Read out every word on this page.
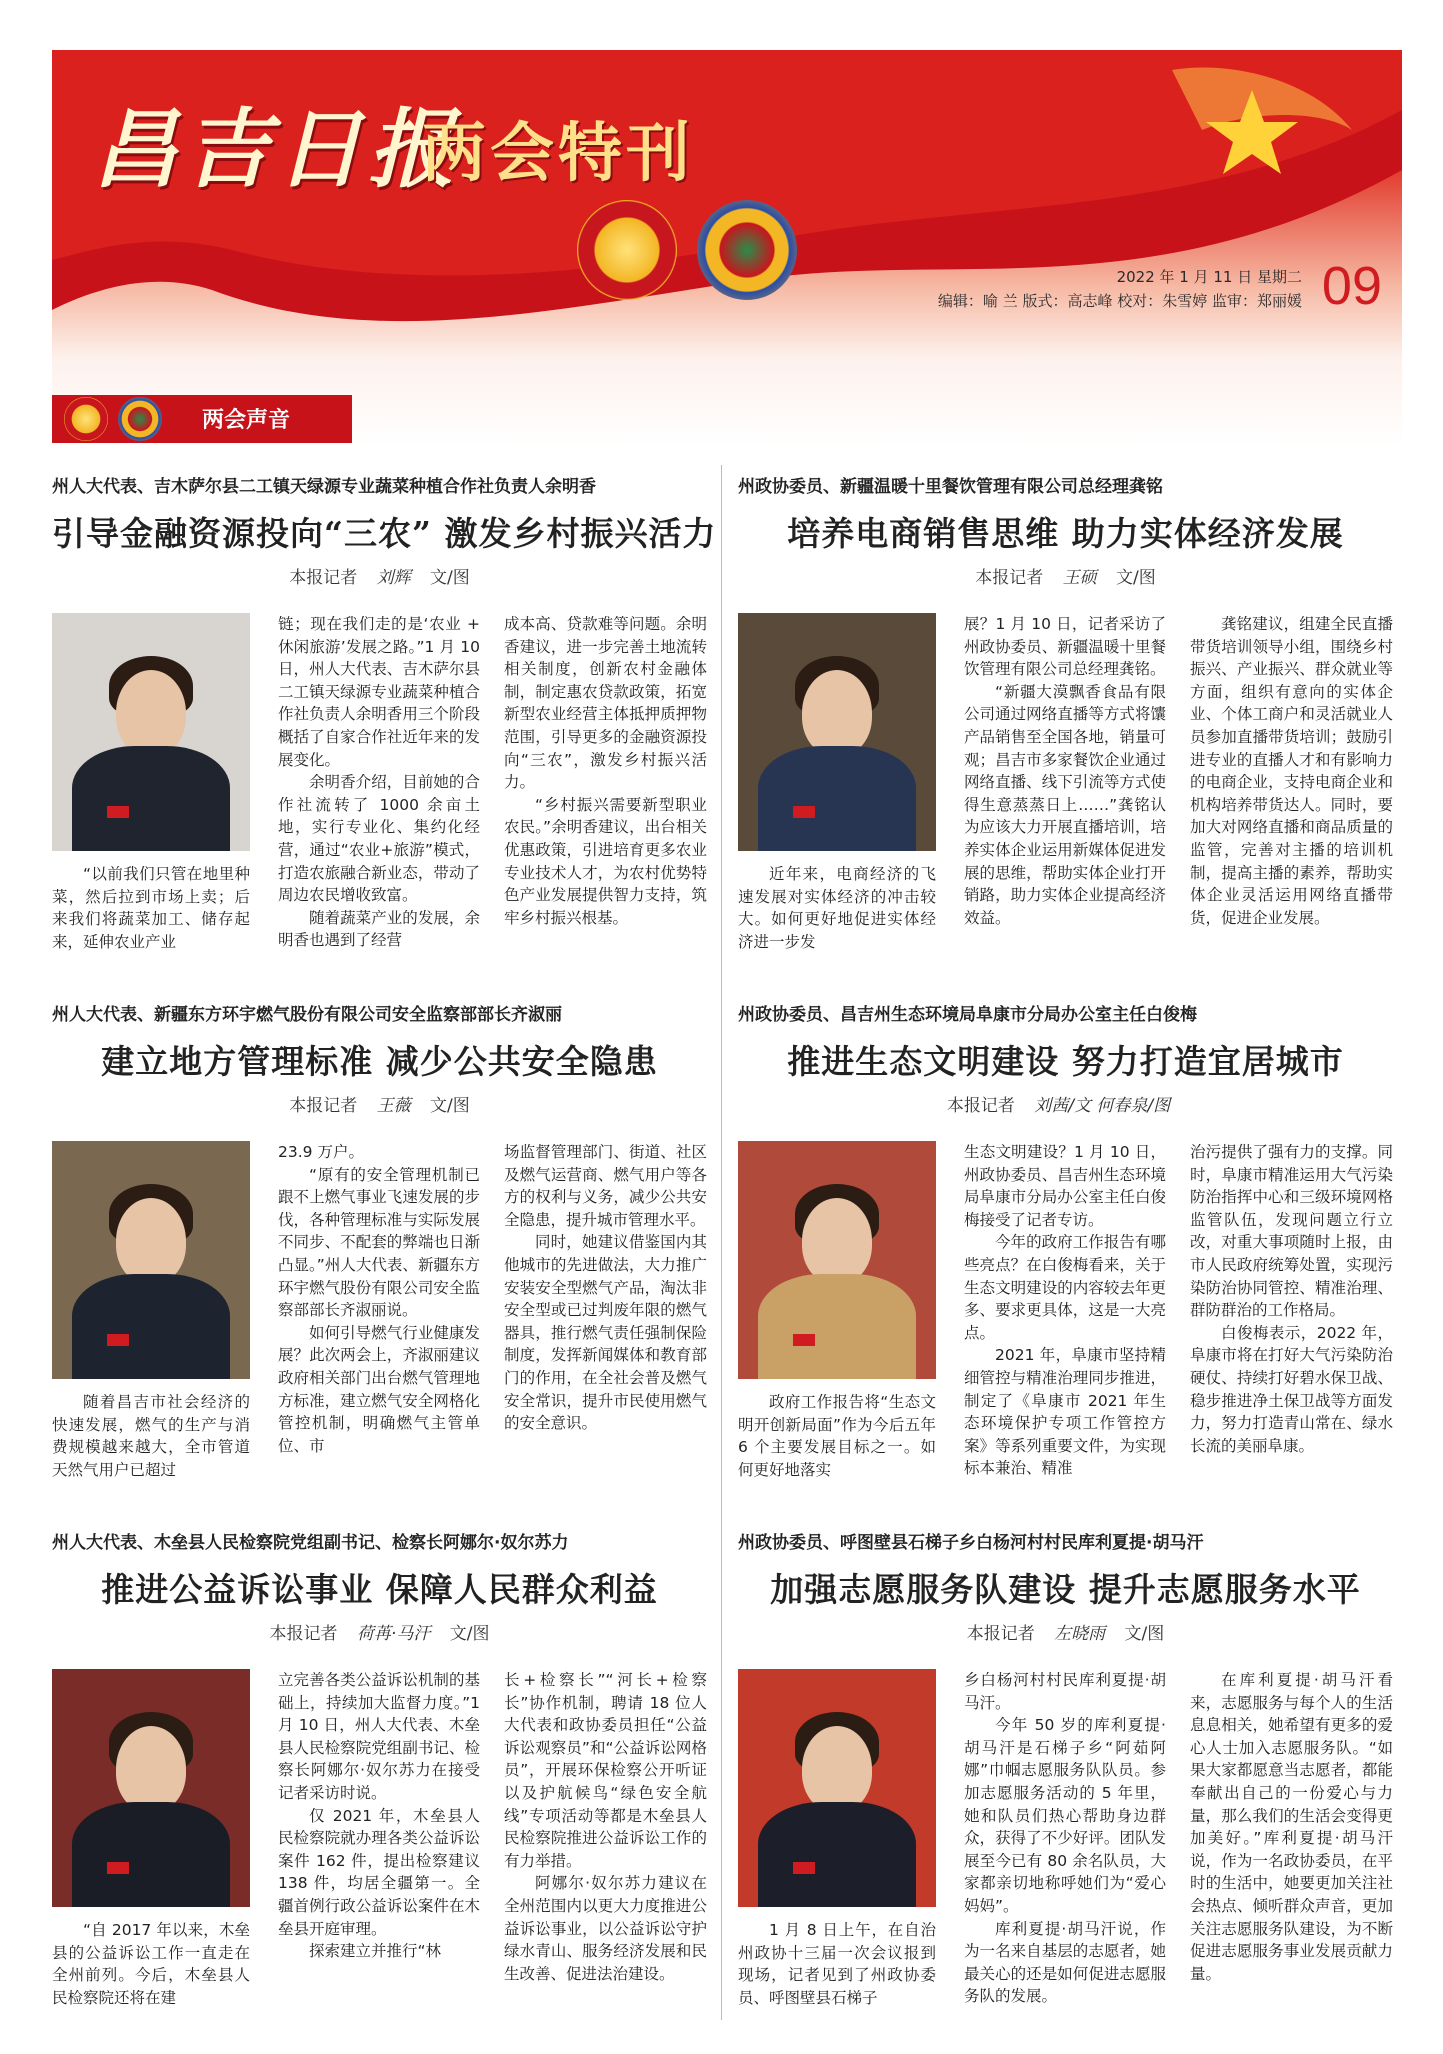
昌吉日报
两会特刊
2022 年 1 月 11 日 星期二
编辑：喻 兰 版式：高志峰 校对：朱雪婷 监审：郑丽媛 09
两会声音
州人大代表、吉木萨尔县二工镇天绿源专业蔬菜种植合作社负责人余明香
引导金融资源投向“三农” 激发乡村振兴活力
本报记者 刘辉 文/图
“以前我们只管在地里种菜，然后拉到市场上卖；后来我们将蔬菜加工、储存起来，延伸农业产业

链；现在我们走的是‘农业 + 休闲旅游’发展之路。”1 月 10 日，州人大代表、吉木萨尔县二工镇天绿源专业蔬菜种植合作社负责人余明香用三个阶段概括了自家合作社近年来的发展变化。

余明香介绍，目前她的合作社流转了 1000 余亩土地，实行专业化、集约化经营，通过“农业+旅游”模式，打造农旅融合新业态，带动了周边农民增收致富。

随着蔬菜产业的发展，余明香也遇到了经营

成本高、贷款难等问题。余明香建议，进一步完善土地流转相关制度，创新农村金融体制，制定惠农贷款政策，拓宽新型农业经营主体抵押质押物范围，引导更多的金融资源投向“三农”，激发乡村振兴活力。

“乡村振兴需要新型职业农民。”余明香建议，出台相关优惠政策，引进培育更多农业专业技术人才，为农村优势特色产业发展提供智力支持，筑牢乡村振兴根基。

州政协委员、新疆温暖十里餐饮管理有限公司总经理龚铭
培养电商销售思维 助力实体经济发展
本报记者 王硕 文/图
近年来，电商经济的飞速发展对实体经济的冲击较大。如何更好地促进实体经济进一步发

展？1 月 10 日，记者采访了州政协委员、新疆温暖十里餐饮管理有限公司总经理龚铭。

“新疆大漠飘香食品有限公司通过网络直播等方式将馕产品销售至全国各地，销量可观；昌吉市多家餐饮企业通过网络直播、线下引流等方式使得生意蒸蒸日上……”龚铭认为应该大力开展直播培训，培养实体企业运用新媒体促进发展的思维，帮助实体企业打开销路，助力实体企业提高经济效益。

龚铭建议，组建全民直播带货培训领导小组，围绕乡村振兴、产业振兴、群众就业等方面，组织有意向的实体企业、个体工商户和灵活就业人员参加直播带货培训；鼓励引进专业的直播人才和有影响力的电商企业，支持电商企业和机构培养带货达人。同时，要加大对网络直播和商品质量的监管，完善对主播的培训机制，提高主播的素养，帮助实体企业灵活运用网络直播带货，促进企业发展。

州人大代表、新疆东方环宇燃气股份有限公司安全监察部部长齐淑丽
建立地方管理标准 减少公共安全隐患
本报记者 王薇 文/图
随着昌吉市社会经济的快速发展，燃气的生产与消费规模越来越大，全市管道天然气用户已超过

23.9 万户。

“原有的安全管理机制已跟不上燃气事业飞速发展的步伐，各种管理标准与实际发展不同步、不配套的弊端也日渐凸显。”州人大代表、新疆东方环宇燃气股份有限公司安全监察部部长齐淑丽说。

如何引导燃气行业健康发展？此次两会上，齐淑丽建议政府相关部门出台燃气管理地方标准，建立燃气安全网格化管控机制，明确燃气主管单位、市

场监督管理部门、街道、社区及燃气运营商、燃气用户等各方的权利与义务，减少公共安全隐患，提升城市管理水平。

同时，她建议借鉴国内其他城市的先进做法，大力推广安装安全型燃气产品，淘汰非安全型或已过判废年限的燃气器具，推行燃气责任强制保险制度，发挥新闻媒体和教育部门的作用，在全社会普及燃气安全常识，提升市民使用燃气的安全意识。

州政协委员、昌吉州生态环境局阜康市分局办公室主任白俊梅
推进生态文明建设 努力打造宜居城市
本报记者 刘茜/文 何春泉/图
政府工作报告将“生态文明开创新局面”作为今后五年 6 个主要发展目标之一。如何更好地落实

生态文明建设？1 月 10 日，州政协委员、昌吉州生态环境局阜康市分局办公室主任白俊梅接受了记者专访。

今年的政府工作报告有哪些亮点？在白俊梅看来，关于生态文明建设的内容较去年更多、要求更具体，这是一大亮点。

2021 年，阜康市坚持精细管控与精准治理同步推进，制定了《阜康市 2021 年生态环境保护专项工作管控方案》等系列重要文件，为实现标本兼治、精准

治污提供了强有力的支撑。同时，阜康市精准运用大气污染防治指挥中心和三级环境网格监管队伍，发现问题立行立改，对重大事项随时上报，由市人民政府统筹处置，实现污染防治协同管控、精准治理、群防群治的工作格局。

白俊梅表示，2022 年，阜康市将在打好大气污染防治硬仗、持续打好碧水保卫战、稳步推进净土保卫战等方面发力，努力打造青山常在、绿水长流的美丽阜康。

州人大代表、木垒县人民检察院党组副书记、检察长阿娜尔·奴尔苏力
推进公益诉讼事业 保障人民群众利益
本报记者 荷苒·马汗 文/图
“自 2017 年以来，木垒县的公益诉讼工作一直走在全州前列。今后，木垒县人民检察院还将在建

立完善各类公益诉讼机制的基础上，持续加大监督力度。”1 月 10 日，州人大代表、木垒县人民检察院党组副书记、检察长阿娜尔·奴尔苏力在接受记者采访时说。

仅 2021 年，木垒县人民检察院就办理各类公益诉讼案件 162 件，提出检察建议 138 件，均居全疆第一。全疆首例行政公益诉讼案件在木垒县开庭审理。

探索建立并推行“林

长+检察长”“河长+检察长”协作机制，聘请 18 位人大代表和政协委员担任“公益诉讼观察员”和“公益诉讼网格员”，开展环保检察公开听证以及护航候鸟“绿色安全航线”专项活动等都是木垒县人民检察院推进公益诉讼工作的有力举措。

阿娜尔·奴尔苏力建议在全州范围内以更大力度推进公益诉讼事业，以公益诉讼守护绿水青山、服务经济发展和民生改善、促进法治建设。

州政协委员、呼图壁县石梯子乡白杨河村村民库利夏提·胡马汗
加强志愿服务队建设 提升志愿服务水平
本报记者 左晓雨 文/图
1 月 8 日上午，在自治州政协十三届一次会议报到现场，记者见到了州政协委员、呼图壁县石梯子

乡白杨河村村民库利夏提·胡马汗。

今年 50 岁的库利夏提·胡马汗是石梯子乡“阿茹阿娜”巾帼志愿服务队队员。参加志愿服务活动的 5 年里，她和队员们热心帮助身边群众，获得了不少好评。团队发展至今已有 80 余名队员，大家都亲切地称呼她们为“爱心妈妈”。

库利夏提·胡马汗说，作为一名来自基层的志愿者，她最关心的还是如何促进志愿服务队的发展。

在库利夏提·胡马汗看来，志愿服务与每个人的生活息息相关，她希望有更多的爱心人士加入志愿服务队。“如果大家都愿意当志愿者，都能奉献出自己的一份爱心与力量，那么我们的生活会变得更加美好。”库利夏提·胡马汗说，作为一名政协委员，在平时的生活中，她要更加关注社会热点、倾听群众声音，更加关注志愿服务队建设，为不断促进志愿服务事业发展贡献力量。
